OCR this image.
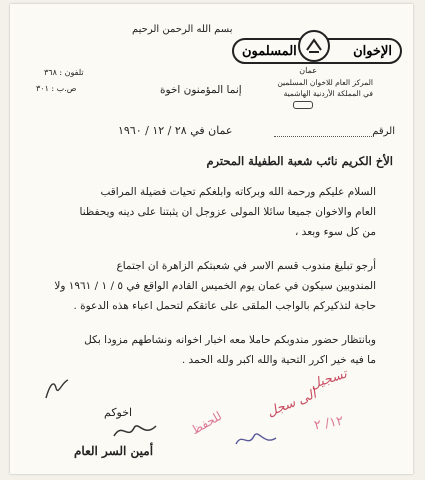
بسم الله الرحمن الرحيم
الإخوان
المسلمون
عمان
المركز العام للاخوان المسلمين
في المملكة الأردنية الهاشمية
تلفون : ٣٦٨
ص.ب : ٣٠١	إنما المؤمنون اخوة
الرقم
عمان في ٢٨ / ١٢ / ١٩٦٠
الأخ الكريم نائب شعبة الطفيلة المحترم
السلام عليكم ورحمة الله وبركاته وابلغكم تحيات فضيلة المراقب
العام والاخوان جميعا سائلا المولى عزوجل ان يثبتنا على دينه ويحفظنا
من كل سوء وبعد ،
أرجو تبليغ مندوب قسم الاسر في شعبتكم الزاهرة ان اجتماع
المندوبين سيكون في عمان يوم الخميس القادم الواقع في ٥ / ١ / ١٩٦١ ولا
حاجة لتذكيركم بالواجب الملقى على عاتقكم لتحمل اعباء هذه الدعوة .
وبانتظار حضور مندوبكم حاملا معه اخبار اخوانه ونشاطهم مزودا بكل
ما فيه خير اكرر التحية والله اكبر ولله الحمد .
اخوكم
أمين السر العام
تسجيل
الى سجل
للحفظ	١٢/ ٢
